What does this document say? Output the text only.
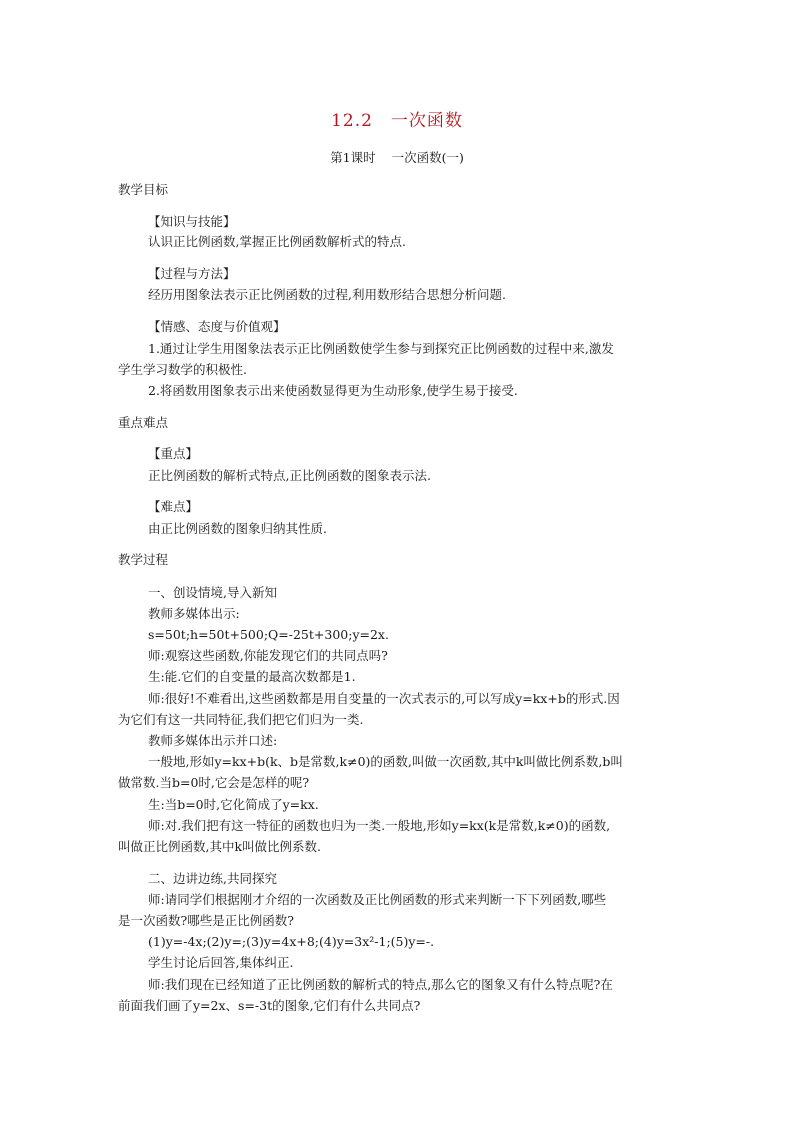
12.2 一次函数
第1课时 一次函数(一)
教学目标
【知识与技能】
认识正比例函数,掌握正比例函数解析式的特点.
【过程与方法】
经历用图象法表示正比例函数的过程,利用数形结合思想分析问题.
【情感、态度与价值观】
1.通过让学生用图象法表示正比例函数使学生参与到探究正比例函数的过程中来,激发
学生学习数学的积极性.
2.将函数用图象表示出来使函数显得更为生动形象,使学生易于接受.
重点难点
【重点】
正比例函数的解析式特点,正比例函数的图象表示法.
【难点】
由正比例函数的图象归纳其性质.
教学过程
一、创设情境,导入新知
教师多媒体出示:
s=50t;h=50t+500;Q=-25t+300;y=2x.
师:观察这些函数,你能发现它们的共同点吗?
生:能.它们的自变量的最高次数都是1.
师:很好!不难看出,这些函数都是用自变量的一次式表示的,可以写成y=kx+b的形式.因
为它们有这一共同特征,我们把它们归为一类.
教师多媒体出示并口述:
一般地,形如y=kx+b(k、b是常数,k≠0)的函数,叫做一次函数,其中k叫做比例系数,b叫
做常数.当b=0时,它会是怎样的呢?
生:当b=0时,它化简成了y=kx.
师:对.我们把有这一特征的函数也归为一类.一般地,形如y=kx(k是常数,k≠0)的函数,
叫做正比例函数,其中k叫做比例系数.
二、边讲边练,共同探究
师:请同学们根据刚才介绍的一次函数及正比例函数的形式来判断一下下列函数,哪些
是一次函数?哪些是正比例函数?
(1)y=-4x;(2)y=;(3)y=4x+8;(4)y=3x²-1;(5)y=-.
学生讨论后回答,集体纠正.
师:我们现在已经知道了正比例函数的解析式的特点,那么它的图象又有什么特点呢?在
前面我们画了y=2x、s=-3t的图象,它们有什么共同点?
